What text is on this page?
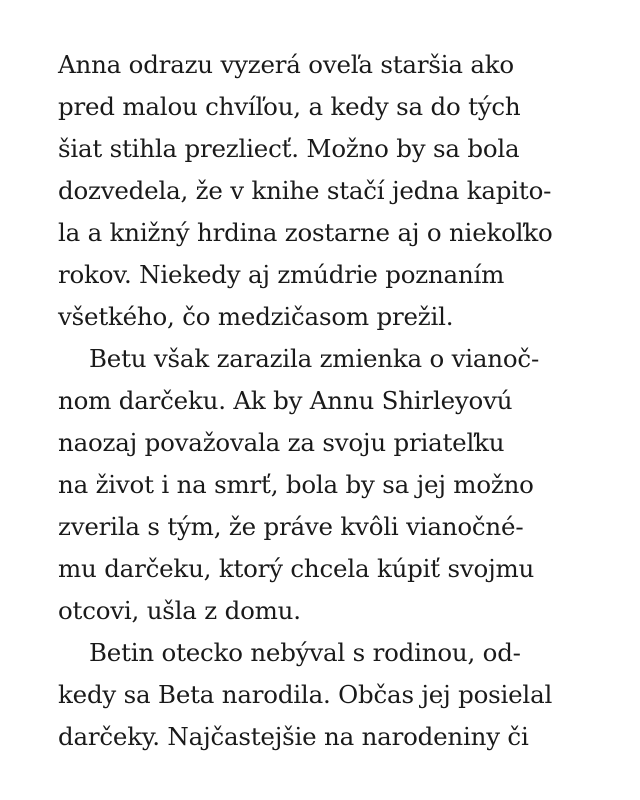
Anna odrazu vyzerá oveľa staršia ako
pred malou chvíľou, a kedy sa do tých
šiat stihla prezliecť. Možno by sa bola
dozvedela, že v knihe stačí jedna kapito-
la a knižný hrdina zostarne aj o niekoľko
rokov. Niekedy aj zmúdrie poznaním
všetkého, čo medzičasom prežil.
Betu však zarazila zmienka o vianoč-
nom darčeku. Ak by Annu Shirleyovú
naozaj považovala za svoju priateľku
na život i na smrť, bola by sa jej možno
zverila s tým, že práve kvôli vianočné-
mu darčeku, ktorý chcela kúpiť svojmu
otcovi, ušla z domu.
Betin otecko nebýval s rodinou, od-
kedy sa Beta narodila. Občas jej posielal
darčeky. Najčastejšie na narodeniny či
